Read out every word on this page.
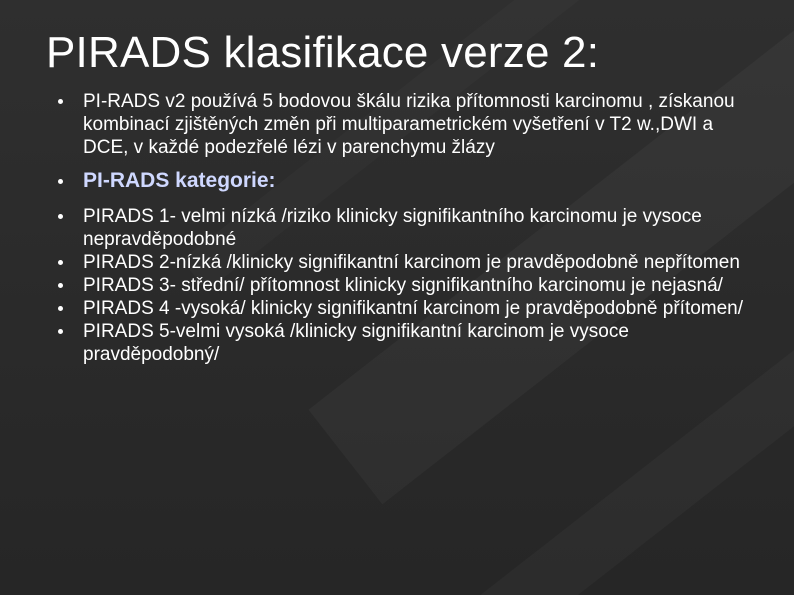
PIRADS klasifikace verze 2:
PI-RADS v2 používá 5 bodovou škálu rizika přítomnosti karcinomu , získanou kombinací zjištěných změn při multiparametrickém vyšetření v T2 w.,DWI a DCE, v každé podezřelé lézi v parenchymu žlázy
PI-RADS kategorie:
PIRADS 1- velmi nízká /riziko klinicky signifikantního karcinomu je vysoce nepravděpodobné
PIRADS 2-nízká /klinicky signifikantní karcinom je pravděpodobně nepřítomen
PIRADS 3- střední/ přítomnost klinicky signifikantního karcinomu je nejasná/
PIRADS 4 -vysoká/ klinicky signifikantní karcinom je pravděpodobně přítomen/
PIRADS 5-velmi vysoká /klinicky signifikantní karcinom je vysoce pravděpodobný/
